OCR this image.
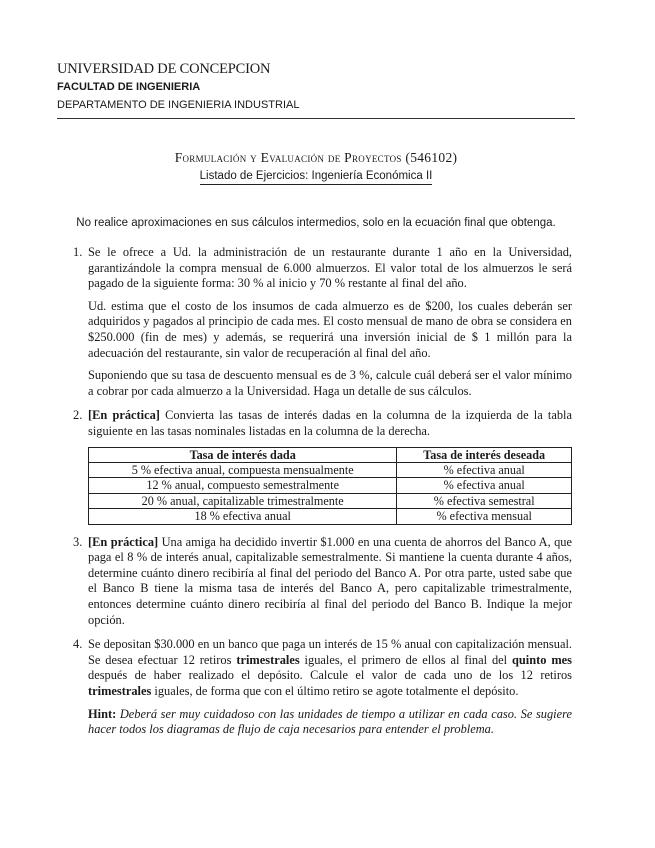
UNIVERSIDAD DE CONCEPCION
FACULTAD DE INGENIERIA
DEPARTAMENTO DE INGENIERIA INDUSTRIAL
Formulación y Evaluación de Proyectos (546102)
Listado de Ejercicios: Ingeniería Económica II
No realice aproximaciones en sus cálculos intermedios, solo en la ecuación final que obtenga.
1. Se le ofrece a Ud. la administración de un restaurante durante 1 año en la Universidad, garantizándole la compra mensual de 6.000 almuerzos. El valor total de los almuerzos le será pagado de la siguiente forma: 30 % al inicio y 70 % restante al final del año.

Ud. estima que el costo de los insumos de cada almuerzo es de $200, los cuales deberán ser adquiridos y pagados al principio de cada mes. El costo mensual de mano de obra se considera en $250.000 (fin de mes) y además, se requerirá una inversión inicial de $ 1 millón para la adecuación del restaurante, sin valor de recuperación al final del año.

Suponiendo que su tasa de descuento mensual es de 3 %, calcule cuál deberá ser el valor mínimo a cobrar por cada almuerzo a la Universidad. Haga un detalle de sus cálculos.

2. [En práctica] Convierta las tasas de interés dadas en la columna de la izquierda de la tabla siguiente en las tasas nominales listadas en la columna de la derecha.

Tasa de interés dada	Tasa de interés deseada
5 % efectiva anual, compuesta mensualmente	% efectiva anual
12 % anual, compuesto semestralmente	% efectiva anual
20 % anual, capitalizable trimestralmente	% efectiva semestral
18 % efectiva anual	% efectiva mensual
3. [En práctica] Una amiga ha decidido invertir $1.000 en una cuenta de ahorros del Banco A, que paga el 8 % de interés anual, capitalizable semestralmente. Si mantiene la cuenta durante 4 años, determine cuánto dinero recibiría al final del periodo del Banco A. Por otra parte, usted sabe que el Banco B tiene la misma tasa de interés del Banco A, pero capitalizable trimestralmente, entonces determine cuánto dinero recibiría al final del periodo del Banco B. Indique la mejor opción.

4. Se depositan $30.000 en un banco que paga un interés de 15 % anual con capitalización mensual. Se desea efectuar 12 retiros trimestrales iguales, el primero de ellos al final del quinto mes después de haber realizado el depósito. Calcule el valor de cada uno de los 12 retiros trimestrales iguales, de forma que con el último retiro se agote totalmente el depósito.

Hint: Deberá ser muy cuidadoso con las unidades de tiempo a utilizar en cada caso. Se sugiere hacer todos los diagramas de flujo de caja necesarios para entender el problema.
